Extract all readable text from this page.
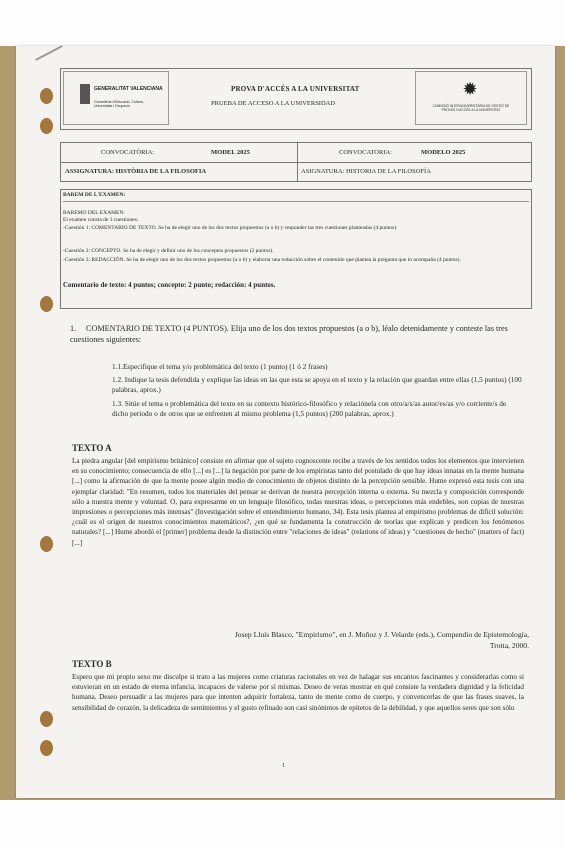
GENERALITAT VALENCIANA
Conselleria d'Educació, Cultura, Universitats i Ocupació
PROVA D'ACCÉS A LA UNIVERSITAT
PRUEBA DE ACCESO A LA UNIVERSIDAD
✹
COMISSIÓ INTERUNIVERSITÀRIA DE GESTIÓ DE PROVES D'ACCÉS A LA UNIVERSITAT
CONVOCATÒRIA:	MODEL 2025	CONVOCATORIA:	MODELO 2025
ASSIGNATURA: HISTÒRIA DE LA FILOSOFIA	ASIGNATURA: HISTORIA DE LA FILOSOFÍA
BAREM DE L'EXAMEN:

BAREMO DEL EXAMEN:

El examen consta de 3 cuestiones:

-Cuestión 1: COMENTARIO DE TEXTO. Se ha de elegir uno de los dos textos propuestos (a o b) y responder las tres cuestiones planteadas (4 puntos).

-Cuestión 2: CONCEPTO. Se ha de elegir y definir uno de los conceptos propuestos (2 puntos).

-Cuestión 3: REDACCIÓN. Se ha de elegir uno de los dos textos propuestos (a o b) y elaborar una redacción sobre el contenido que plantea la pregunta que lo acompaña (4 puntos).

Comentario de texto: 4 puntos; concepto: 2 punto; redacción: 4 puntos.

1. COMENTARIO DE TEXTO (4 PUNTOS). Elija uno de los dos textos propuestos (a o b), léalo detenidamente y conteste las tres cuestiones siguientes:
1.1.Especifique el tema y/o problemática del texto (1 punto) (1 ó 2 frases)
1.2. Indique la tesis defendida y explique las ideas en las que esta se apoya en el texto y la relación que guardan entre ellas (1,5 puntos) (100 palabras, aprox.)
1.3. Sitúe el tema o problemática del texto en su contexto histórico-filosófico y relaciónela con otro/a/s/as autor/es/as y/o corriente/s de dicho periodo o de otros que se enfrenten al mismo problema (1,5 puntos) (200 palabras, aprox.)
TEXTO A
La piedra angular [del empirismo británico] consiste en afirmar que el sujeto cognoscente recibe a través de los sentidos todos los elementos que intervienen en su conocimiento; consecuencia de ello [...] es [...] la negación por parte de los empiristas tanto del postulado de que hay ideas innatas en la mente humana [...] como la afirmación de que la mente posee algún medio de conocimiento de objetos distinto de la percepción sensible. Hume expresó esta tesis con una ejemplar claridad: "En resumen, todos los materiales del pensar se derivan de nuestra percepción interna o externa. Su mezcla y composición corresponde sólo a nuestra mente y voluntad. O, para expresarme en un lenguaje filosófico, todas nuestras ideas, o percepciones más endebles, son copias de nuestras impresiones o percepciones más intensas" (Investigación sobre el entendimiento humano, 34). Esta tesis plantea al empirismo problemas de difícil solución: ¿cuál es el origen de nuestros conocimientos matemáticos?, ¿en qué se fundamenta la construcción de teorías que explican y predicen los fenómenos naturales? [...] Hume abordó el [primer] problema desde la distinción entre "relaciones de ideas" (relations of ideas) y "cuestiones de hecho" (matters of fact) [...]
Josep Lluís Blasco, "Empirismo", en J. Muñoz y J. Velarde (eds.), Compendio de Epistemología,
Trotta, 2000.
TEXTO B
Espero que mi propio sexo me disculpe si trato a las mujeres como criaturas racionales en vez de halagar sus encantos fascinantes y considerarlas como si estuvieran en un estado de eterna infancia, incapaces de valerse por sí mismas. Deseo de veras mostrar en qué consiste la verdadera dignidad y la felicidad humana. Deseo persuadir a las mujeres para que intenten adquirir fortaleza, tanto de mente como de cuerpo, y convencerlas de que las frases suaves, la sensibilidad de corazón, la delicadeza de sentimientos y el gusto refinado son casi sinónimos de epítetos de la debilidad, y que aquellos seres que son sólo
1
